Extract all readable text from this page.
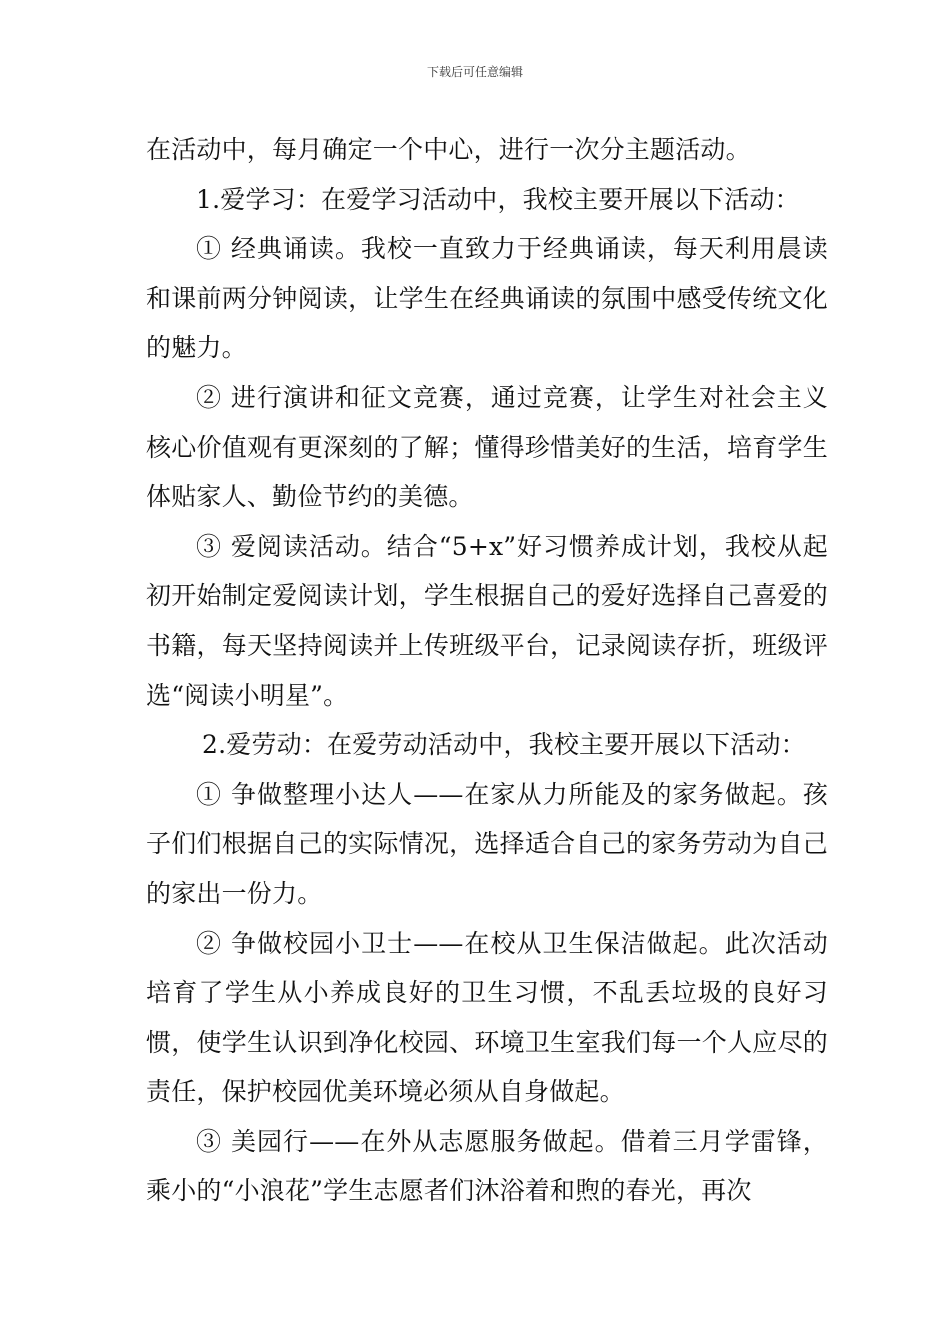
下载后可任意编辑

在活动中，每月确定一个中心，进行一次分主题活动。

1.爱学习：在爱学习活动中，我校主要开展以下活动：

① 经典诵读。我校一直致力于经典诵读，每天利用晨读和课前两分钟阅读，让学生在经典诵读的氛围中感受传统文化的魅力。

② 进行演讲和征文竞赛，通过竞赛，让学生对社会主义核心价值观有更深刻的了解；懂得珍惜美好的生活，培育学生体贴家人、勤俭节约的美德。

③ 爱阅读活动。结合“5+x”好习惯养成计划，我校从起初开始制定爱阅读计划，学生根据自己的爱好选择自己喜爱的书籍，每天坚持阅读并上传班级平台，记录阅读存折，班级评选“阅读小明星”。

2.爱劳动：在爱劳动活动中，我校主要开展以下活动：

① 争做整理小达人——在家从力所能及的家务做起。孩子们们根据自己的实际情况，选择适合自己的家务劳动为自己的家出一份力。

② 争做校园小卫士——在校从卫生保洁做起。此次活动培育了学生从小养成良好的卫生习惯，不乱丢垃圾的良好习惯，使学生认识到净化校园、环境卫生室我们每一个人应尽的责任，保护校园优美环境必须从自身做起。

③ 美园行——在外从志愿服务做起。借着三月学雷锋，乘小的“小浪花”学生志愿者们沐浴着和煦的春光，再次
